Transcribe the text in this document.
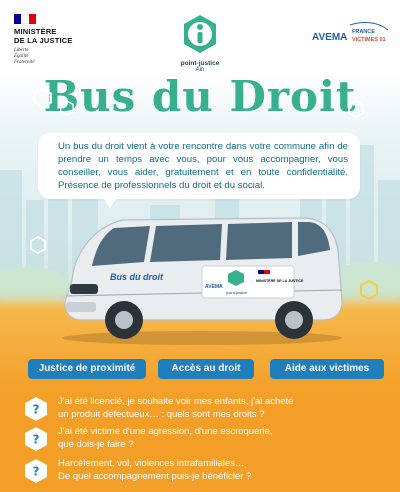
MINISTÈRE
DE LA JUSTICE
Liberté
Égalité
Fraternité	point-justice
Ain
AVEMA FRANCE
VICTIMES 01
Bus du Droit
Un bus du droit vient à votre rencontre dans votre commune afin de prendre un temps avec vous, pour vous accompagner, vous conseiller, vous aider, gratuitement et en toute confidentialité. Présence de professionnels du droit et du social.
Bus du droit
AVEMA
point-justice
MINISTÈRE DE LA JUSTICE
Justice de proximité	Accès au droit	Aide aux victimes
?
J'ai été licencié, je souhaite voir mes enfants, j'ai acheté
un produit défectueux… : quels sont mes droits ?
?
J'ai été victime d'une agression, d'une escroquerie,
que dois-je faire ?
?
Harcèlement, vol, violences intrafamiliales…
De quel accompagnement puis-je bénéficier ?
